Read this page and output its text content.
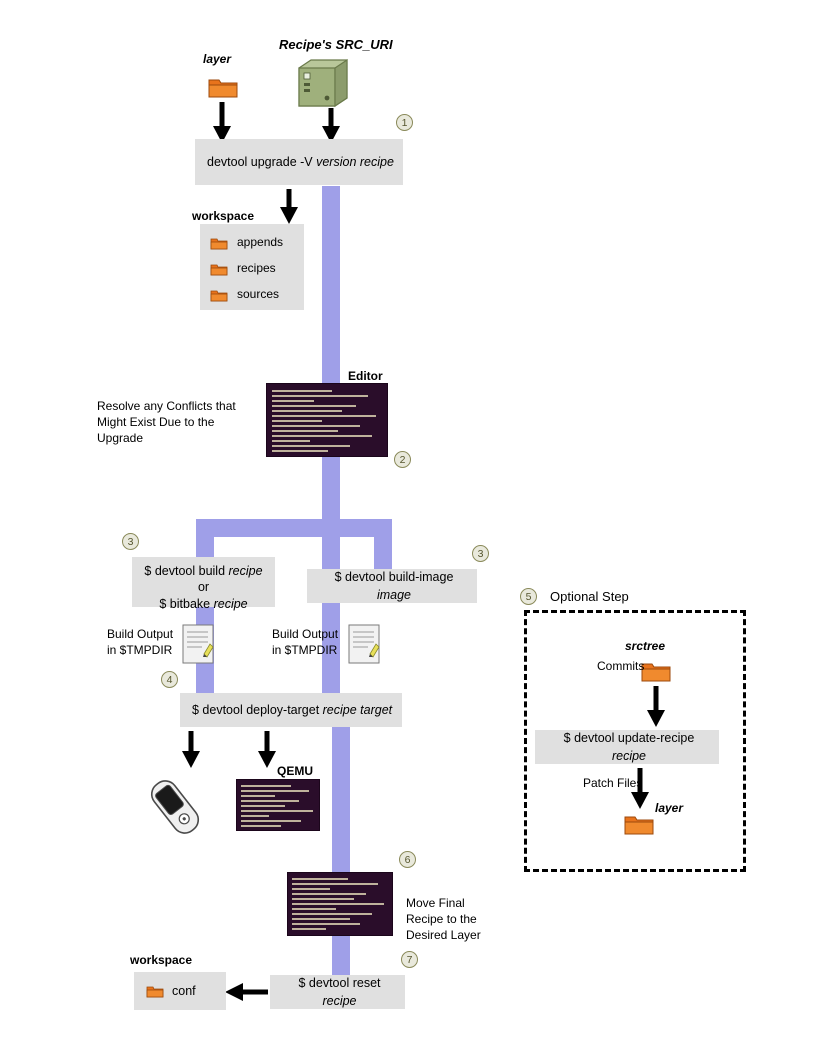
layer
Recipe's SRC_URI
1
devtool upgrade -V version recipe
workspace
appends
recipes
sources
Editor
Resolve any Conflicts that Might Exist Due to the Upgrade
2
3
$ devtool build recipe
or
$ bitbake recipe
3
$ devtool build-image image
Build Output in $TMPDIR
Build Output in $TMPDIR
4
$ devtool deploy-target recipe target
QEMU
6
Move Final Recipe to the Desired Layer
7
$ devtool reset recipe
workspace
conf
5	Optional Step
srctree
Commits
$ devtool update-recipe recipe
Patch Files
layer
